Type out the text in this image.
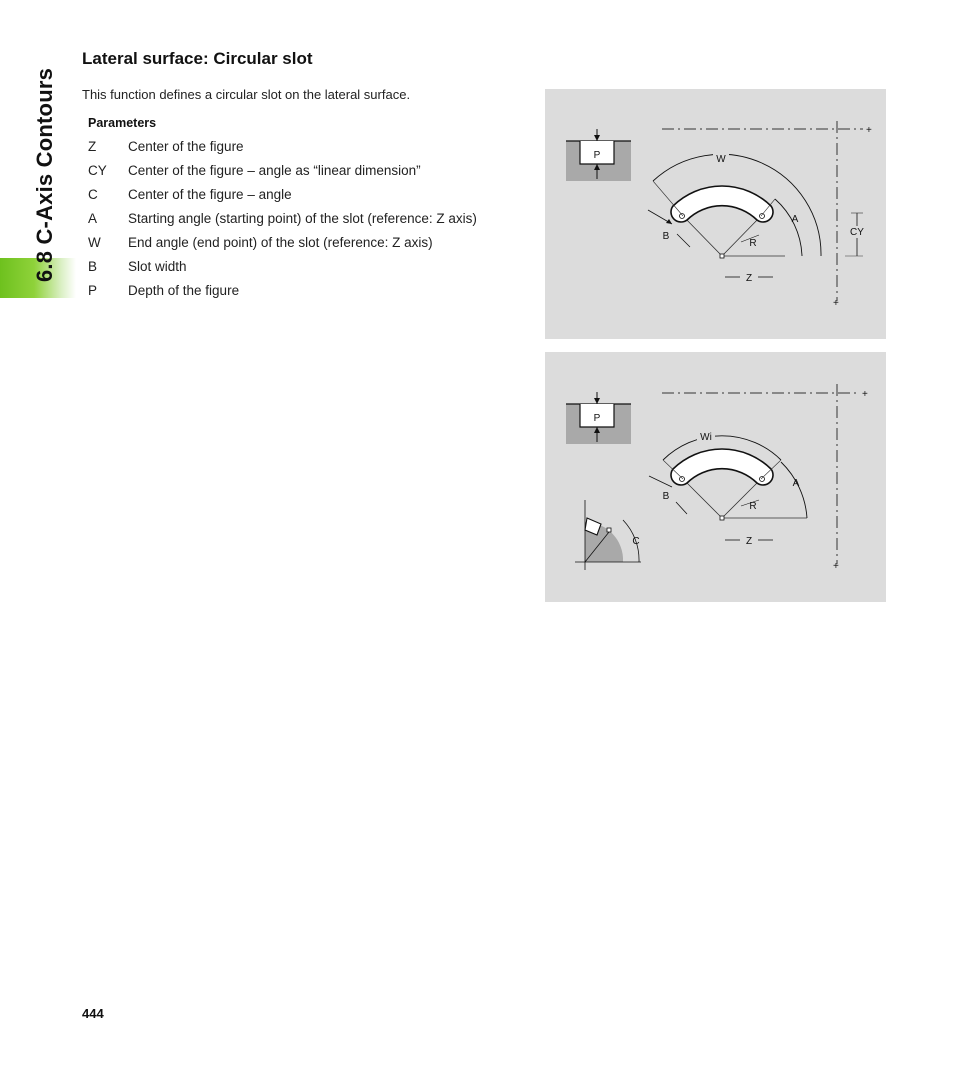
6.8 C-Axis Contours
Lateral surface: Circular slot

This function defines a circular slot on the lateral surface.

Parameters

Z Center of the figure
CY Center of the figure – angle as “linear dimension”
C Center of the figure – angle
A Starting angle (starting point) of the slot (reference: Z axis)
W End angle (end point) of the slot (reference: Z axis)
B Slot width
P Depth of the figure
P
+
+
W
A
B
R
CY
Z
P
+
+
Wi
A
B
R
Z
C
444
